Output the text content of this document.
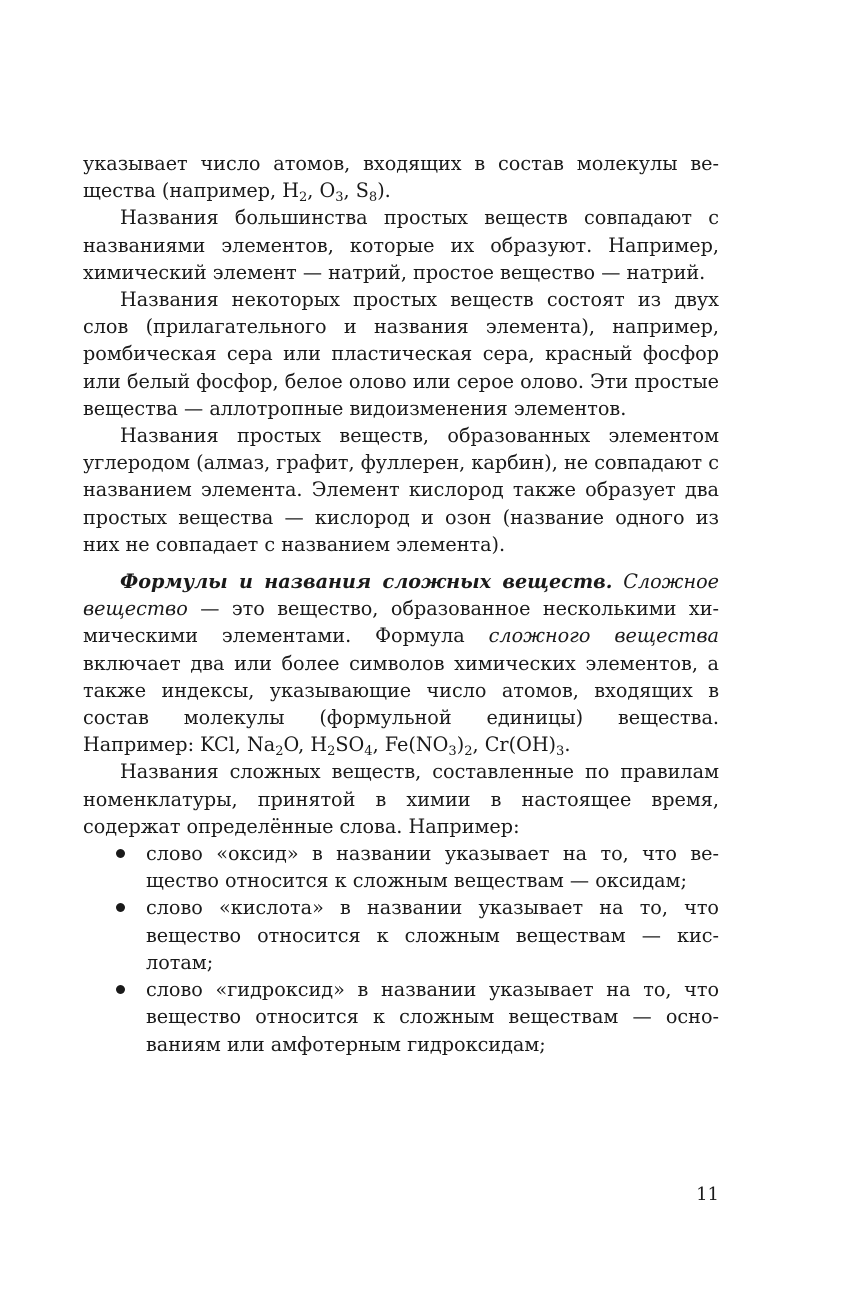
указывает число атомов, входящих в состав молекулы вещества (например, $H_2$, $O_3$, $S_8$).

Названия большинства простых веществ совпадают с названиями элементов, которые их образуют. Например, химический элемент — натрий, простое вещество — натрий.

Названия некоторых простых веществ состоят из двух слов (прилагательного и названия элемента), например, ромбическая сера или пластическая сера, красный фосфор или белый фосфор, белое олово или серое олово. Эти простые вещества — аллотропные видоизменения элементов.

Названия простых веществ, образованных элементом углеродом (алмаз, графит, фуллерен, карбин), не совпадают с названием элемента. Элемент кислород также образует два простых вещества — кислород и озон (название одного из них не совпадает с названием элемента).

Формулы и названия сложных веществ. Сложное вещество — это вещество, образованное несколькими химическими элементами. Формула сложного вещества включает два или более символов химических элементов, а также индексы, указывающие число атомов, входящих в состав молекулы (формульной единицы) вещества. Например: KCl, $Na_2O$, $H_2SO_4$, $Fe(NO_3)_2$, $Cr(OH)_3$.

Названия сложных веществ, составленные по правилам номенклатуры, принятой в химии в настоящее время, содержат определённые слова. Например:

слово «оксид» в названии указывает на то, что вещество относится к сложным веществам — оксидам;
слово «кислота» в названии указывает на то, что вещество относится к сложным веществам — кислотам;
слово «гидроксид» в названии указывает на то, что вещество относится к сложным веществам — основаниям или амфотерным гидроксидам;
11
